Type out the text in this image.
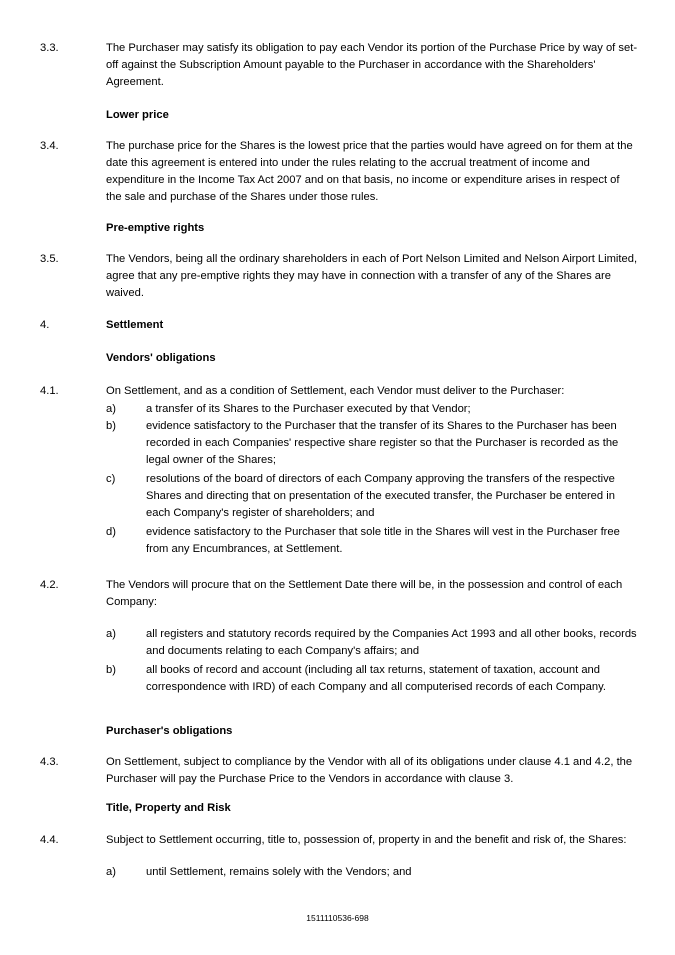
3.3.	The Purchaser may satisfy its obligation to pay each Vendor its portion of the Purchase Price by way of set-off against the Subscription Amount payable to the Purchaser in accordance with the Shareholders' Agreement.
Lower price
3.4.	The purchase price for the Shares is the lowest price that the parties would have agreed on for them at the date this agreement is entered into under the rules relating to the accrual treatment of income and expenditure in the Income Tax Act 2007 and on that basis, no income or expenditure arises in respect of the sale and purchase of the Shares under those rules.
Pre-emptive rights
3.5.	The Vendors, being all the ordinary shareholders in each of Port Nelson Limited and Nelson Airport Limited, agree that any pre-emptive rights they may have in connection with a transfer of any of the Shares are waived.
4.	Settlement
Vendors' obligations
4.1.	On Settlement, and as a condition of Settlement, each Vendor must deliver to the Purchaser:
a)	a transfer of its Shares to the Purchaser executed by that Vendor;
b)	evidence satisfactory to the Purchaser that the transfer of its Shares to the Purchaser has been recorded in each Companies' respective share register so that the Purchaser is recorded as the legal owner of the Shares;
c)	resolutions of the board of directors of each Company approving the transfers of the respective Shares and directing that on presentation of the executed transfer, the Purchaser be entered in each Company's register of shareholders; and
d)	evidence satisfactory to the Purchaser that sole title in the Shares will vest in the Purchaser free from any Encumbrances, at Settlement.
4.2.	The Vendors will procure that on the Settlement Date there will be, in the possession and control of each Company:
a)	all registers and statutory records required by the Companies Act 1993 and all other books, records and documents relating to each Company's affairs; and
b)	all books of record and account (including all tax returns, statement of taxation, account and correspondence with IRD) of each Company and all computerised records of each Company.
Purchaser's obligations
4.3.	On Settlement, subject to compliance by the Vendor with all of its obligations under clause 4.1 and 4.2, the Purchaser will pay the Purchase Price to the Vendors in accordance with clause 3.
Title, Property and Risk
4.4.	Subject to Settlement occurring, title to, possession of, property in and the benefit and risk of, the Shares:
a)	until Settlement, remains solely with the Vendors; and
1511110536-698
